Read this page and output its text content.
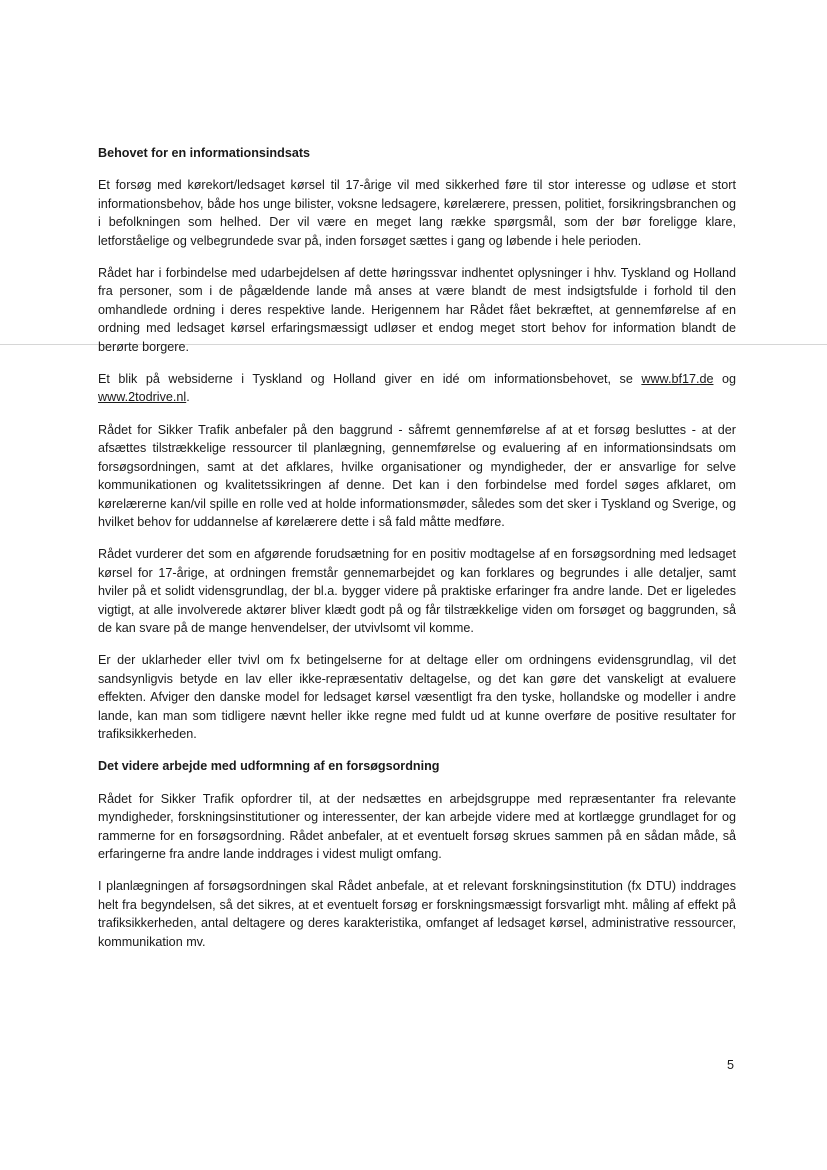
Behovet for en informationsindsats

Et forsøg med kørekort/ledsaget kørsel til 17-årige vil med sikkerhed føre til stor interesse og udløse et stort informationsbehov, både hos unge bilister, voksne ledsagere, kørelærere, pressen, politiet, forsikringsbranchen og i befolkningen som helhed. Der vil være en meget lang række spørgsmål, som der bør foreligge klare, letforståelige og velbegrundede svar på, inden forsøget sættes i gang og løbende i hele perioden.

Rådet har i forbindelse med udarbejdelsen af dette høringssvar indhentet oplysninger i hhv. Tyskland og Holland fra personer, som i de pågældende lande må anses at være blandt de mest indsigtsfulde i forhold til den omhandlede ordning i deres respektive lande. Herigennem har Rådet fået bekræftet, at gennemførelse af en ordning med ledsaget kørsel erfaringsmæssigt udløser et endog meget stort behov for information blandt de berørte borgere.

Et blik på websiderne i Tyskland og Holland giver en idé om informationsbehovet, se www.bf17.de og www.2todrive.nl.

Rådet for Sikker Trafik anbefaler på den baggrund - såfremt gennemførelse af at et forsøg besluttes - at der afsættes tilstrækkelige ressourcer til planlægning, gennemførelse og evaluering af en informationsindsats om forsøgsordningen, samt at det afklares, hvilke organisationer og myndigheder, der er ansvarlige for selve kommunikationen og kvalitetssikringen af denne. Det kan i den forbindelse med fordel søges afklaret, om kørelærerne kan/vil spille en rolle ved at holde informationsmøder, således som det sker i Tyskland og Sverige, og hvilket behov for uddannelse af kørelærere dette i så fald måtte medføre.

Rådet vurderer det som en afgørende forudsætning for en positiv modtagelse af en forsøgsordning med ledsaget kørsel for 17-årige, at ordningen fremstår gennemarbejdet og kan forklares og begrundes i alle detaljer, samt hviler på et solidt vidensgrundlag, der bl.a. bygger videre på praktiske erfaringer fra andre lande. Det er ligeledes vigtigt, at alle involverede aktører bliver klædt godt på og får tilstrækkelige viden om forsøget og baggrunden, så de kan svare på de mange henvendelser, der utvivlsomt vil komme.

Er der uklarheder eller tvivl om fx betingelserne for at deltage eller om ordningens evidensgrundlag, vil det sandsynligvis betyde en lav eller ikke-repræsentativ deltagelse, og det kan gøre det vanskeligt at evaluere effekten. Afviger den danske model for ledsaget kørsel væsentligt fra den tyske, hollandske og modeller i andre lande, kan man som tidligere nævnt heller ikke regne med fuldt ud at kunne overføre de positive resultater for trafiksikkerheden.

Det videre arbejde med udformning af en forsøgsordning

Rådet for Sikker Trafik opfordrer til, at der nedsættes en arbejdsgruppe med repræsentanter fra relevante myndigheder, forskningsinstitutioner og interessenter, der kan arbejde videre med at kortlægge grundlaget for og rammerne for en forsøgsordning. Rådet anbefaler, at et eventuelt forsøg skrues sammen på en sådan måde, så erfaringerne fra andre lande inddrages i videst muligt omfang.

I planlægningen af forsøgsordningen skal Rådet anbefale, at et relevant forskningsinstitution (fx DTU) inddrages helt fra begyndelsen, så det sikres, at et eventuelt forsøg er forskningsmæssigt forsvarligt mht. måling af effekt på trafiksikkerheden, antal deltagere og deres karakteristika, omfanget af ledsaget kørsel, administrative ressourcer, kommunikation mv.

5
